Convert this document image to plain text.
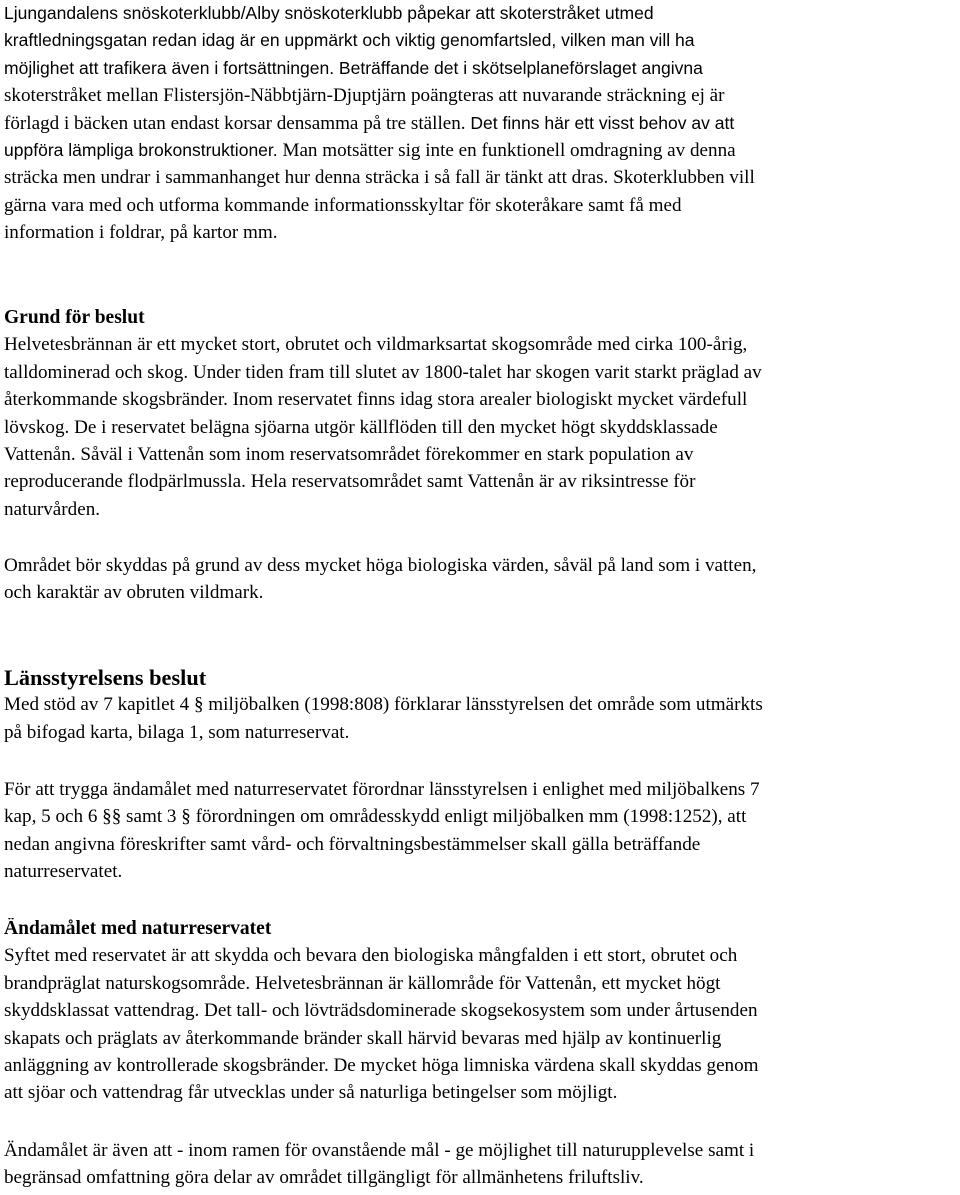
Ljungandalens snöskoterklubb/Alby snöskoterklubb påpekar att skoterstråket utmed
kraftledningsgatan redan idag är en uppmärkt och viktig genomfartsled, vilken man vill ha
möjlighet att trafikera även i fortsättningen. Beträffande det i skötselplaneförslaget angivna
skoterstråket mellan Flistersjön-Näbbtjärn-Djuptjärn poängteras att nuvarande sträckning ej är
förlagd i bäcken utan endast korsar densamma på tre ställen. Det finns här ett visst behov av att
uppföra lämpliga brokonstruktioner. Man motsätter sig inte en funktionell omdragning av denna
sträcka men undrar i sammanhanget hur denna sträcka i så fall är tänkt att dras. Skoterklubben vill
gärna vara med och utforma kommande informationsskyltar för skoteråkare samt få med
information i foldrar, på kartor mm.
Grund för beslut
Helvetesbrännan är ett mycket stort, obrutet och vildmarksartat skogsområde med cirka 100-årig,
talldominerad och skog. Under tiden fram till slutet av 1800-talet har skogen varit starkt präglad av
återkommande skogsbränder. Inom reservatet finns idag stora arealer biologiskt mycket värdefull
lövskog. De i reservatet belägna sjöarna utgör källflöden till den mycket högt skyddsklassade
Vattenån. Såväl i Vattenån som inom reservatsområdet förekommer en stark population av
reproducerande flodpärlmussla. Hela reservatsområdet samt Vattenån är av riksintresse för
naturvården.
Området bör skyddas på grund av dess mycket höga biologiska värden, såväl på land som i vatten,
och karaktär av obruten vildmark.
Länsstyrelsens beslut
Med stöd av 7 kapitlet 4 § miljöbalken (1998:808) förklarar länsstyrelsen det område som utmärkts
på bifogad karta, bilaga 1, som naturreservat.
För att trygga ändamålet med naturreservatet förordnar länsstyrelsen i enlighet med miljöbalkens 7
kap, 5 och 6 §§ samt 3 § förordningen om områdesskydd enligt miljöbalken mm (1998:1252), att
nedan angivna föreskrifter samt vård- och förvaltningsbestämmelser skall gälla beträffande
naturreservatet.
Ändamålet med naturreservatet
Syftet med reservatet är att skydda och bevara den biologiska mångfalden i ett stort, obrutet och
brandpräglat naturskogsområde. Helvetesbrännan är källområde för Vattenån, ett mycket högt
skyddsklassat vattendrag. Det tall- och lövträdsdominerade skogsekosystem som under årtusenden
skapats och präglats av återkommande bränder skall härvid bevaras med hjälp av kontinuerlig
anläggning av kontrollerade skogsbränder. De mycket höga limniska värdena skall skyddas genom
att sjöar och vattendrag får utvecklas under så naturliga betingelser som möjligt.
Ändamålet är även att - inom ramen för ovanstående mål - ge möjlighet till naturupplevelse samt i
begränsad omfattning göra delar av området tillgängligt för allmänhetens friluftsliv.
